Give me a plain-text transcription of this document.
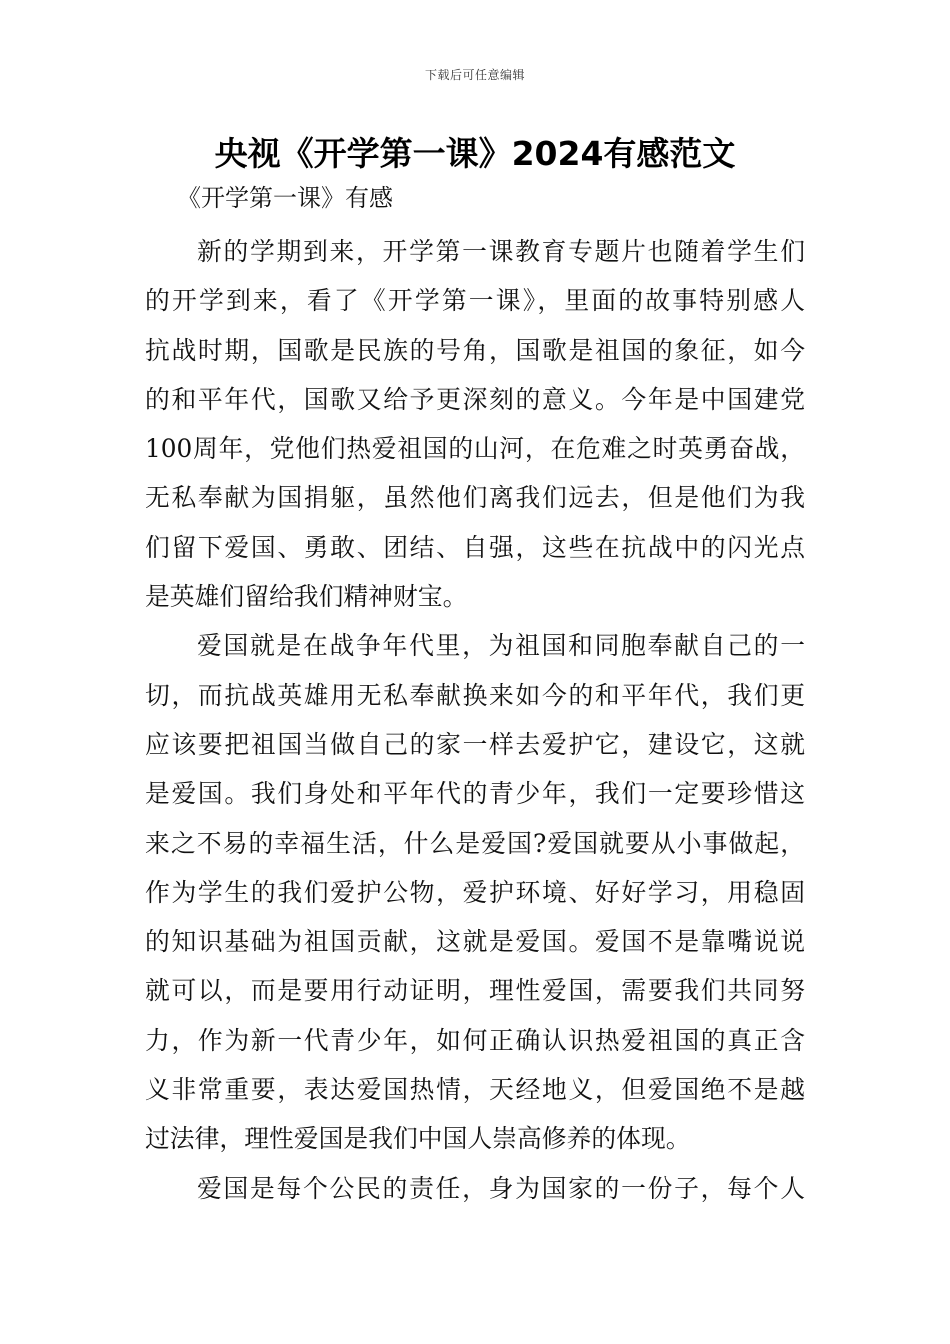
下载后可任意编辑
央视《开学第一课》2024有感范文
《开学第一课》有感
新的学期到来，开学第一课教育专题片也随着学生们
的开学到来，看了《开学第一课》，里面的故事特别感人
抗战时期，国歌是民族的号角，国歌是祖国的象征，如今
的和平年代，国歌又给予更深刻的意义。今年是中国建党
100周年，党他们热爱祖国的山河，在危难之时英勇奋战，
无私奉献为国捐躯，虽然他们离我们远去，但是他们为我
们留下爱国、勇敢、团结、自强，这些在抗战中的闪光点
是英雄们留给我们精神财宝。
爱国就是在战争年代里，为祖国和同胞奉献自己的一
切，而抗战英雄用无私奉献换来如今的和平年代，我们更
应该要把祖国当做自己的家一样去爱护它，建设它，这就
是爱国。我们身处和平年代的青少年，我们一定要珍惜这
来之不易的幸福生活，什么是爱国?爱国就要从小事做起，
作为学生的我们爱护公物，爱护环境、好好学习，用稳固
的知识基础为祖国贡献，这就是爱国。爱国不是靠嘴说说
就可以，而是要用行动证明，理性爱国，需要我们共同努
力，作为新一代青少年，如何正确认识热爱祖国的真正含
义非常重要，表达爱国热情，天经地义，但爱国绝不是越
过法律，理性爱国是我们中国人崇高修养的体现。
爱国是每个公民的责任，身为国家的一份子，每个人
